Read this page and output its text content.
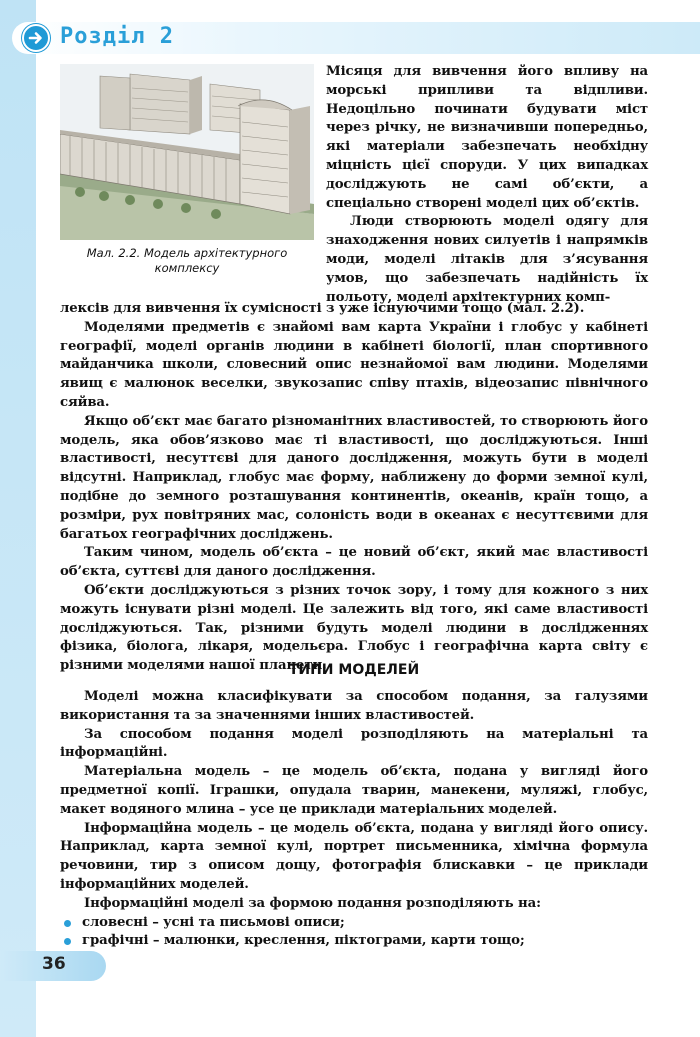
Розділ 2
Мал. 2.2. Модель архітектурного комплексу

Місяця для вивчення його впливу на морські припливи та відпливи. Недоцільно починати будувати міст через річку, не визначивши попередньо, які матеріали забезпечать необхідну міцність цієї споруди. У цих випадках досліджують не самі об’єкти, а спеціально створені моделі цих об’єктів.

Люди створюють моделі одягу для знаходження нових силуетів і напрямків моди, моделі літаків для з’ясування умов, що забезпечать надійність їх польоту, моделі архітектурних комп-

лексів для вивчення їх сумісності з уже існуючими тощо (мал. 2.2).

Моделями предметів є знайомі вам карта України і глобус у кабінеті географії, моделі органів людини в кабінеті біології, план спортивного майданчика школи, словесний опис незнайомої вам людини. Моделями явищ є малюнок веселки, звукозапис співу птахів, відеозапис північного сяйва.

Якщо об’єкт має багато різноманітних властивостей, то створюють його модель, яка обов’язково має ті властивості, що досліджуються. Інші властивості, несуттєві для даного дослідження, можуть бути в моделі відсутні. Наприклад, глобус має форму, наближену до форми земної кулі, подібне до земного розташування континентів, океанів, країн тощо, а розміри, рух повітряних мас, солоність води в океанах є несуттєвими для багатьох географічних досліджень.

Таким чином, модель об’єкта – це новий об’єкт, який має властивості об’єкта, суттєві для даного дослідження.

Об’єкти досліджуються з різних точок зору, і тому для кожного з них можуть існувати різні моделі. Це залежить від того, які саме властивості досліджуються. Так, різними будуть моделі людини в дослідженнях фізика, біолога, лікаря, модельєра. Глобус і географічна карта світу є різними моделями нашої планети.

ТИПИ МОДЕЛЕЙ

Моделі можна класифікувати за способом подання, за галузями використання та за значеннями інших властивостей.

За способом подання моделі розподіляють на матеріальні та інформаційні.

Матеріальна модель – це модель об’єкта, подана у вигляді його предметної копії. Іграшки, опудала тварин, манекени, муляжі, глобус, макет водяного млина – усе це приклади матеріальних моделей.

Інформаційна модель – це модель об’єкта, подана у вигляді його опису. Наприклад, карта земної кулі, портрет письменника, хімічна формула речовини, тир з описом дощу, фотографія блискавки – це приклади інформаційних моделей.

Інформаційні моделі за формою подання розподіляють на:

словесні – усні та письмові описи;
графічні – малюнки, креслення, піктограми, карти тощо;
36
